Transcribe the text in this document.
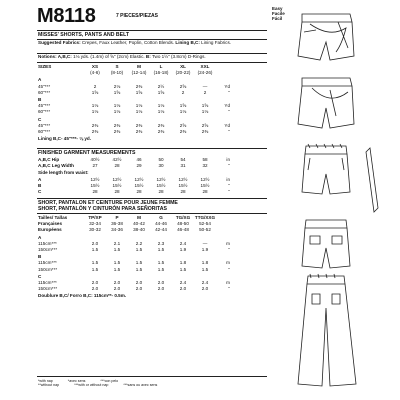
M8118	7 PIECES/PIEZAS
Easy
Facile
Fácil
MISSES' SHORTS, PANTS AND BELT
Suggested Fabrics: Crepes, Faux Leather, Poplin, Cotton Blends. Lining B,C: Lining Fabrics.
Notions: A,B,C: 1⅛ yds. (1.4m) of ⅝" (2cm) Elastic. B: Two 1½" (3.8cm) D-Rings.
SIZES	XS	S	M	L	XL	XXL	
	(4-6)	(8-10)	(12-14)	(16-18)	(20-22)	(24-26)	
A							
45"***	2	2⅛	2⅜	2½	2⅝	—	Yd
60"***	1⅝	1⅝	1⅝	1⅝	2	2	"
B							
45"***	1⅛	1⅛	1⅛	1⅛	1⅝	1⅝	Yd
60"***	1⅛	1⅛	1⅛	1⅛	1⅛	1⅛	"
C							
45"***	2⅜	2⅜	2⅜	2⅜	2⅝	2⅝	Yd
60"***	2⅜	2⅜	2⅜	2⅜	2⅜	2⅜	"
Lining B,C- 45"***- ⅛ yd.							
FINISHED GARMENT MEASUREMENTS
A,B,C Hip	40½	42½	46	50	54	58	in
A,B,C Leg Width	27	28	29	30	31	32	"
Side length from waist:							
A	12½	12½	12½	12½	12½	12½	in
B	15½	15½	15½	15½	15½	15½	"
C	28	28	28	28	28	28	"
SHORT, PANTALON ET CEINTURE POUR JEUNE FEMME
SHORT, PANTALÓN Y CINTURÓN PARA SEÑORITAS
Tailles/ Tallas	TP/XP	P	M	G	TG/XG	TTG/XXG	
Françaises	32-34	36-38	40-42	44-46	48-50	52-54	
Européens	30-32	34-36	38-40	42-44	46-48	50-52	
A							
115cm***	2.0	2.1	2.2	2.3	2.4	—	m
150cm***	1.5	1.5	1.5	1.5	1.9	1.9	"
B							
115cm***	1.5	1.5	1.5	1.5	1.8	1.8	m
150cm***	1.5	1.5	1.5	1.5	1.5	1.5	"
C							
115cm***	2.0	2.0	2.0	2.0	2.4	2.4	m
150cm***	2.0	2.0	2.0	2.0	2.0	2.0	"
Doublure B,C/ Forro B,C: 115cm**- 0.5m.							
*with nap	*avec sens	***con pelo
**without nap	***with or without nap	***sans ou avec sens
